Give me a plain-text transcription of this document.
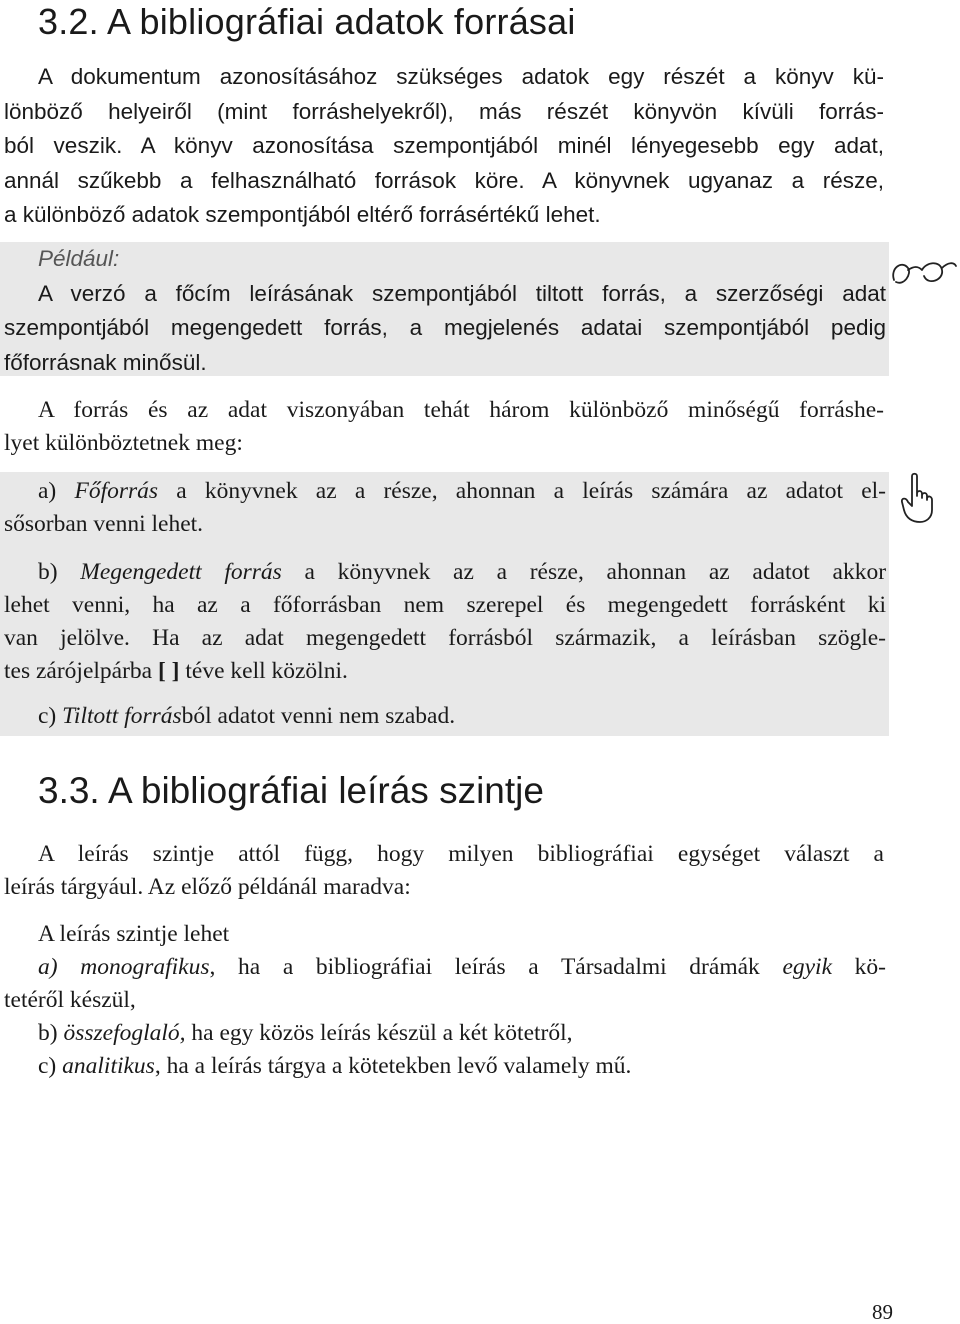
3.2. A bibliográfiai adatok forrásai
A dokumentum azonosításához szükséges adatok egy részét a könyv kü-
lönböző helyeiről (mint forráshelyekről), más részét könyvön kívüli forrás-
ból veszik. A könyv azonosítása szempontjából minél lényegesebb egy adat,
annál szűkebb a felhasználható források köre. A könyvnek ugyanaz a része,
a különböző adatok szempontjából eltérő forrásértékű lehet.
Például:
A verzó a főcím leírásának szempontjából tiltott forrás, a szerzőségi adat
szempontjából megengedett forrás, a megjelenés adatai szempontjából pedig
főforrásnak minősül.
A forrás és az adat viszonyában tehát három különböző minőségű forráshe-
lyet különböztetnek meg:
a) Főforrás a könyvnek az a része, ahonnan a leírás számára az adatot el-
sősorban venni lehet.
b) Megengedett forrás a könyvnek az a része, ahonnan az adatot akkor
lehet venni, ha az a főforrásban nem szerepel és megengedett forrásként ki
van jelölve. Ha az adat megengedett forrásból származik, a leírásban szögle-
tes zárójelpárba [ ] téve kell közölni.
c) Tiltott forrásból adatot venni nem szabad.
3.3. A bibliográfiai leírás szintje
A leírás szintje attól függ, hogy milyen bibliográfiai egységet választ a
leírás tárgyául. Az előző példánál maradva:
A leírás szintje lehet
a) monografikus, ha a bibliográfiai leírás a Társadalmi drámák egyik kö-
tetéről készül,
b) összefoglaló, ha egy közös leírás készül a két kötetről,
c) analitikus, ha a leírás tárgya a kötetekben levő valamely mű.
89
